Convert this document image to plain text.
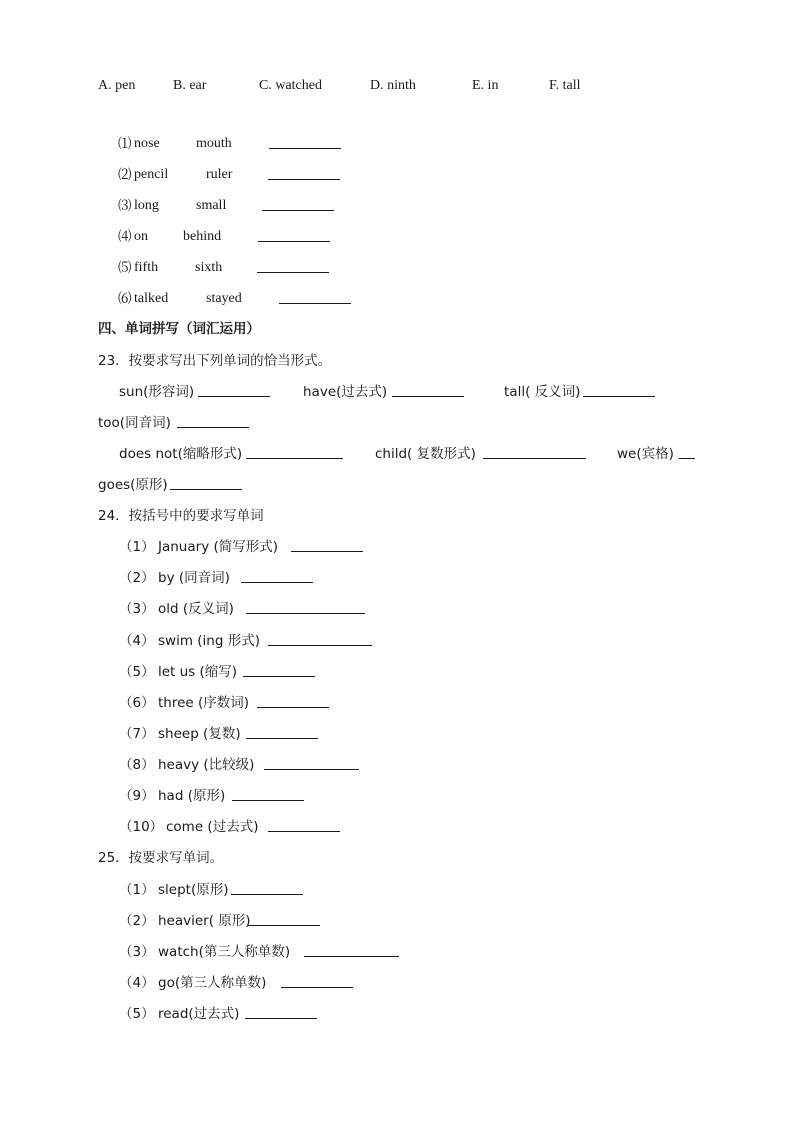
A. pen	B. ear	C. watched	D. ninth	E. in	F. tall
⑴ nose	mouth
⑵ pencil	ruler
⑶ long	small
⑷ on	behind
⑸ fifth	sixth
⑹ talked	stayed
四、单词拼写（词汇运用）
23．按要求写出下列单词的恰当形式。
sun(形容词)	have(过去式)	tall( 反义词)
too(同音词)
does not(缩略形式)	child( 复数形式)	we(宾格)
goes(原形)
24．按括号中的要求写单词
（1） January (简写形式)
（2） by (同音词)
（3） old (反义词)
（4） swim (ing 形式)
（5） let us (缩写)
（6） three (序数词)
（7） sheep (复数)
（8） heavy (比较级)
（9） had (原形)
（10） come (过去式)
25．按要求写单词。
（1） slept(原形)
（2） heavier( 原形)
（3） watch(第三人称单数)
（4） go(第三人称单数)
（5） read(过去式)
